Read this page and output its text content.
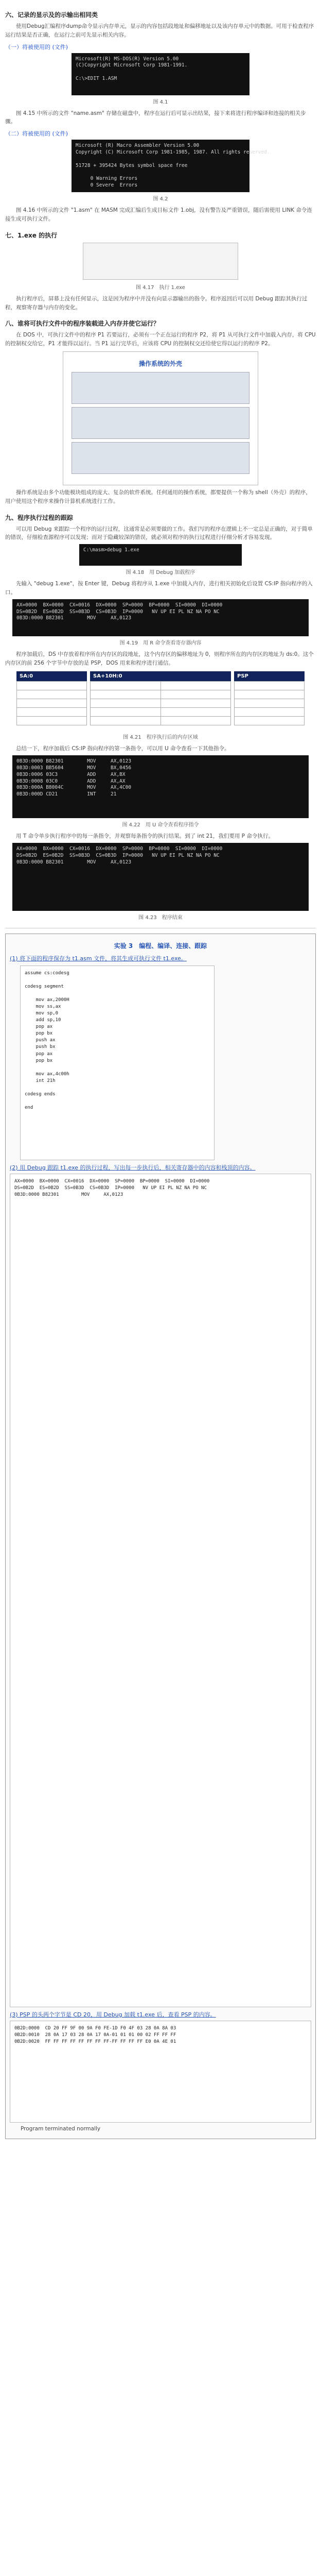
六、记录的显示及的示输出相同类
使用Debug汇编程序dump命令显示内存单元，显示的内容包括段地址和偏移地址以及该内存单元中的数据。可用于检查程序运行结果是否正确，在运行之前可先显示相关内容。
（一）将被使用的 (文件)
Microsoft(R) MS-DOS(R) Version 5.00
(C)Copyright Microsoft Corp 1981-1991.

C:\>EDIT 1.ASM
图 4.1
图 4.15 中所示的文件 "name.asm" 存储在磁盘中，程序在运行后可显示出结果，接下来将进行程序编译和连接的相关步骤。
（二）将被使用的 (文件)
Microsoft (R) Macro Assembler Version 5.00
Copyright (C) Microsoft Corp 1981-1985, 1987. All rights reserved.

51728 + 395424 Bytes symbol space free

0 Warning Errors
0 Severe  Errors
图 4.2
图 4.16 中所示的文件 "1.asm" 在 MASM 完成汇编后生成目标文件 1.obj，没有警告及严重错误，随后需使用 LINK 命令连接生成可执行文件。
七、1.exe 的执行
图 4.17　执行 1.exe
执行程序后，屏幕上没有任何显示，这是因为程序中并没有向显示器输出的指令。程序返回后可以用 Debug 跟踪其执行过程，观察寄存器与内存的变化。
八、谁将可执行文件中的程序装载进入内存并使它运行？
在 DOS 中，可执行文件中的程序 P1 若要运行，必须有一个正在运行的程序 P2，将 P1 从可执行文件中加载入内存，将 CPU 的控制权交给它，P1 才能得以运行。当 P1 运行完毕后，应该将 CPU 的控制权交还给使它得以运行的程序 P2。
操作系统的外壳
操作系统是由多个功能模块组成的庞大、复杂的软件系统。任何通用的操作系统，都要提供一个称为 shell（外壳）的程序，用户使用这个程序来操作计算机系统进行工作。
九、程序执行过程的跟踪
可以用 Debug 来跟踪一个程序的运行过程，这通常是必须要做的工作。我们写的程序在逻辑上不一定总是正确的，对于简单的错误，仔细检查源程序可以发现；而对于隐藏较深的错误，就必须对程序的执行过程进行仔细分析才容易发现。
C:\masm>debug 1.exe
图 4.18　用 Debug 加载程序
先输入 "debug 1.exe"，按 Enter 键，Debug 将程序从 1.exe 中加载入内存，进行相关初始化后设置 CS:IP 指向程序的入口。
AX=0000  BX=0000  CX=0016  DX=0000  SP=0000  BP=0000  SI=0000  DI=0000
DS=0B2D  ES=0B2D  SS=0B3D  CS=0B3D  IP=0000   NV UP EI PL NZ NA PO NC
0B3D:0000 B82301        MOV     AX,0123
图 4.19　用 R 命令查看寄存器内容
程序加载后，DS 中存放着程序所在内存区的段地址，这个内存区的偏移地址为 0，则程序所在的内存区的地址为 ds:0。这个内存区的前 256 个字节中存放的是 PSP，DOS 用来和程序进行通信。
SA:0

	SA+10H:0

		PSP

图 4.21　程序执行后的内存区域
总结一下，程序加载后 CS:IP 指向程序的第一条指令，可以用 U 命令查看一下其他指令。
0B3D:0000 B82301        MOV     AX,0123
0B3D:0003 BB5604        MOV     BX,0456
0B3D:0006 03C3          ADD     AX,BX
0B3D:0008 03C0          ADD     AX,AX
0B3D:000A B8004C        MOV     AX,4C00
0B3D:000D CD21          INT     21
图 4.22　用 U 命令查看程序指令
用 T 命令单步执行程序中的每一条指令，并观察每条指令的执行结果。到了 int 21，我们要用 P 命令执行。
AX=0000  BX=0000  CX=0016  DX=0000  SP=0000  BP=0000  SI=0000  DI=0000
DS=0B2D  ES=0B2D  SS=0B3D  CS=0B3D  IP=0000   NV UP EI PL NZ NA PO NC
0B3D:0000 B82301        MOV     AX,0123
图 4.23　程序结束
实验 3　编程、编译、连接、跟踪
(1) 将下面的程序保存为 t1.asm 文件，将其生成可执行文件 t1.exe。
assume cs:codesg

codesg segment

mov ax,2000H
mov ss,ax
mov sp,0
add sp,10
pop ax
pop bx
push ax
push bx
pop ax
pop bx

mov ax,4c00h
int 21h

codesg ends

end
(2) 用 Debug 跟踪 t1.exe 的执行过程，写出每一步执行后，相关寄存器中的内容和栈顶的内容。
AX=0000  BX=0000  CX=0016  DX=0000  SP=0000  BP=0000  SI=0000  DI=0000
DS=0B2D  ES=0B2D  SS=0B3D  CS=0B3D  IP=0000   NV UP EI PL NZ NA PO NC
0B3D:0000 B82301        MOV     AX,0123
(3) PSP 的头两个字节是 CD 20，用 Debug 加载 t1.exe 后，查看 PSP 的内容。
0B2D:0000  CD 20 FF 9F 00 9A F0 FE-1D F0 4F 03 28 0A 8A 03
0B2D:0010  28 0A 17 03 28 0A 17 0A-01 01 01 00 02 FF FF FF
0B2D:0020  FF FF FF FF FF FF FF FF-FF FF FF FF E0 0A 4E 01
Program terminated normally
